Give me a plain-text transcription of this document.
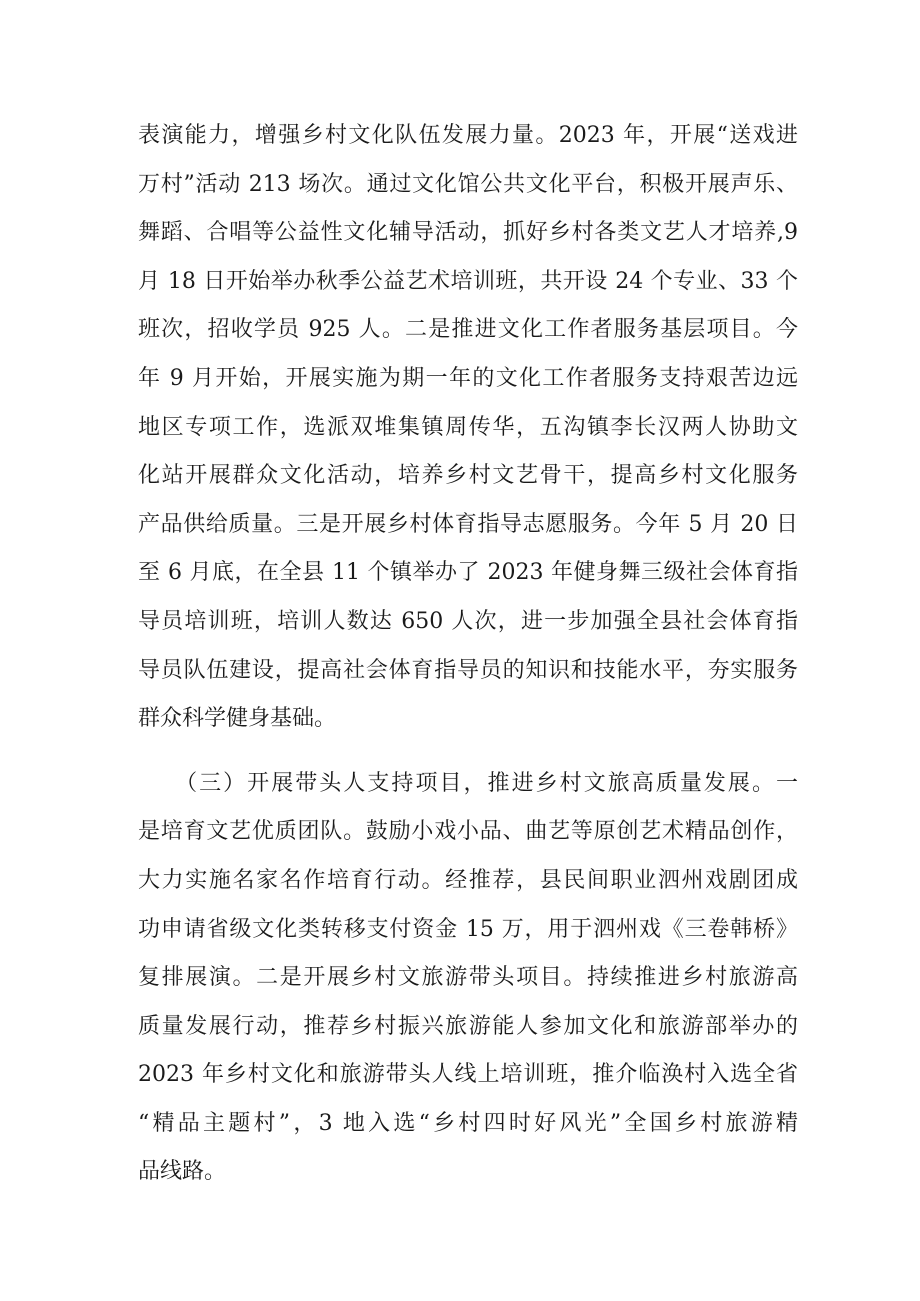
表演能力，增强乡村文化队伍发展力量。2023 年，开展“送戏进
万村”活动 213 场次。通过文化馆公共文化平台，积极开展声乐、
舞蹈、合唱等公益性文化辅导活动，抓好乡村各类文艺人才培养,9
月 18 日开始举办秋季公益艺术培训班，共开设 24 个专业、33 个
班次，招收学员 925 人。二是推进文化工作者服务基层项目。今
年 9 月开始，开展实施为期一年的文化工作者服务支持艰苦边远
地区专项工作，选派双堆集镇周传华，五沟镇李长汉两人协助文
化站开展群众文化活动，培养乡村文艺骨干，提高乡村文化服务
产品供给质量。三是开展乡村体育指导志愿服务。今年 5 月 20 日
至 6 月底，在全县 11 个镇举办了 2023 年健身舞三级社会体育指
导员培训班，培训人数达 650 人次，进一步加强全县社会体育指
导员队伍建设，提高社会体育指导员的知识和技能水平，夯实服务
群众科学健身基础。
　　（三）开展带头人支持项目，推进乡村文旅高质量发展。一
是培育文艺优质团队。鼓励小戏小品、曲艺等原创艺术精品创作，
大力实施名家名作培育行动。经推荐，县民间职业泗州戏剧团成
功申请省级文化类转移支付资金 15 万，用于泗州戏《三卷韩桥》
复排展演。二是开展乡村文旅游带头项目。持续推进乡村旅游高
质量发展行动，推荐乡村振兴旅游能人参加文化和旅游部举办的
2023 年乡村文化和旅游带头人线上培训班，推介临涣村入选全省
“精品主题村”，3 地入选“乡村四时好风光”全国乡村旅游精
品线路。
